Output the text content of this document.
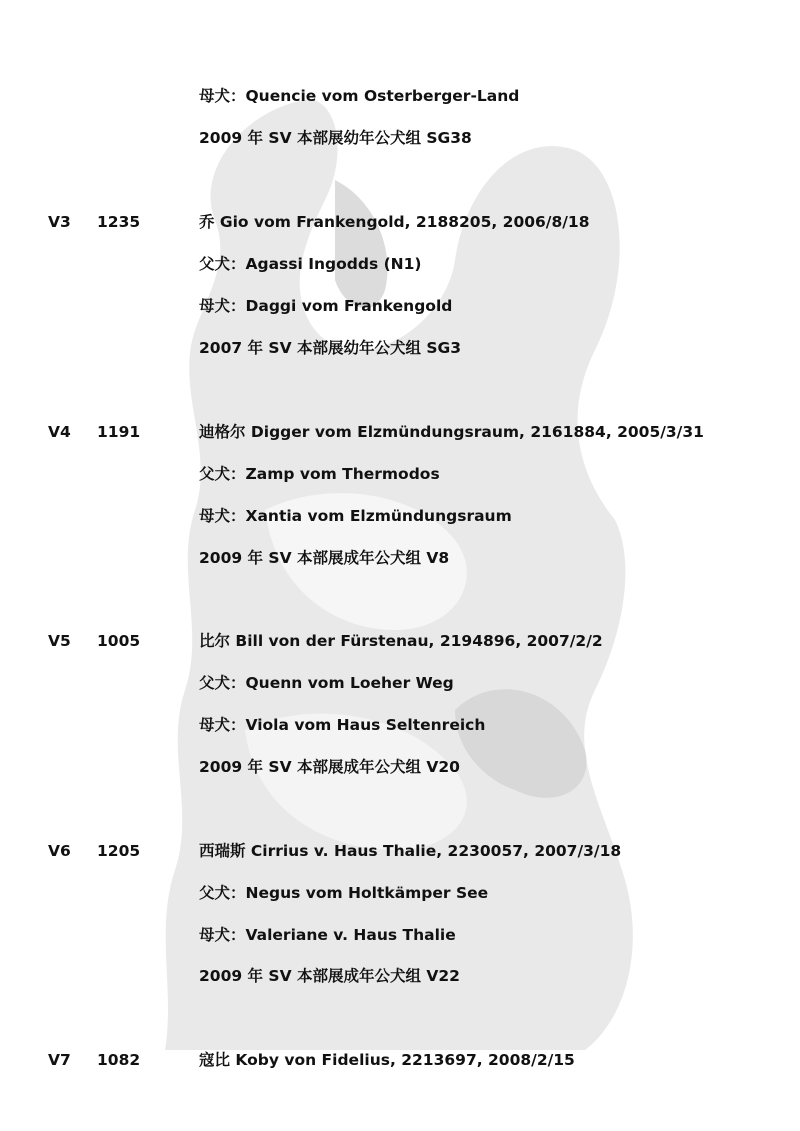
母犬：Quencie vom Osterberger-Land
2009 年 SV 本部展幼年公犬组 SG38
V3 1235	乔 Gio vom Frankengold, 2188205, 2006/8/18
父犬：Agassi Ingodds (N1)
母犬：Daggi vom Frankengold
2007 年 SV 本部展幼年公犬组 SG3
V4 1191	迪格尔 Digger vom Elzmündungsraum, 2161884, 2005/3/31
父犬：Zamp vom Thermodos
母犬：Xantia vom Elzmündungsraum
2009 年 SV 本部展成年公犬组 V8
V5 1005	比尔 Bill von der Fürstenau, 2194896, 2007/2/2
父犬：Quenn vom Loeher Weg
母犬：Viola vom Haus Seltenreich
2009 年 SV 本部展成年公犬组 V20
V6 1205	西瑞斯 Cirrius v. Haus Thalie, 2230057, 2007/3/18
父犬：Negus vom Holtkämper See
母犬：Valeriane v. Haus Thalie
2009 年 SV 本部展成年公犬组 V22
V7 1082	寇比 Koby von Fidelius, 2213697, 2008/2/15
